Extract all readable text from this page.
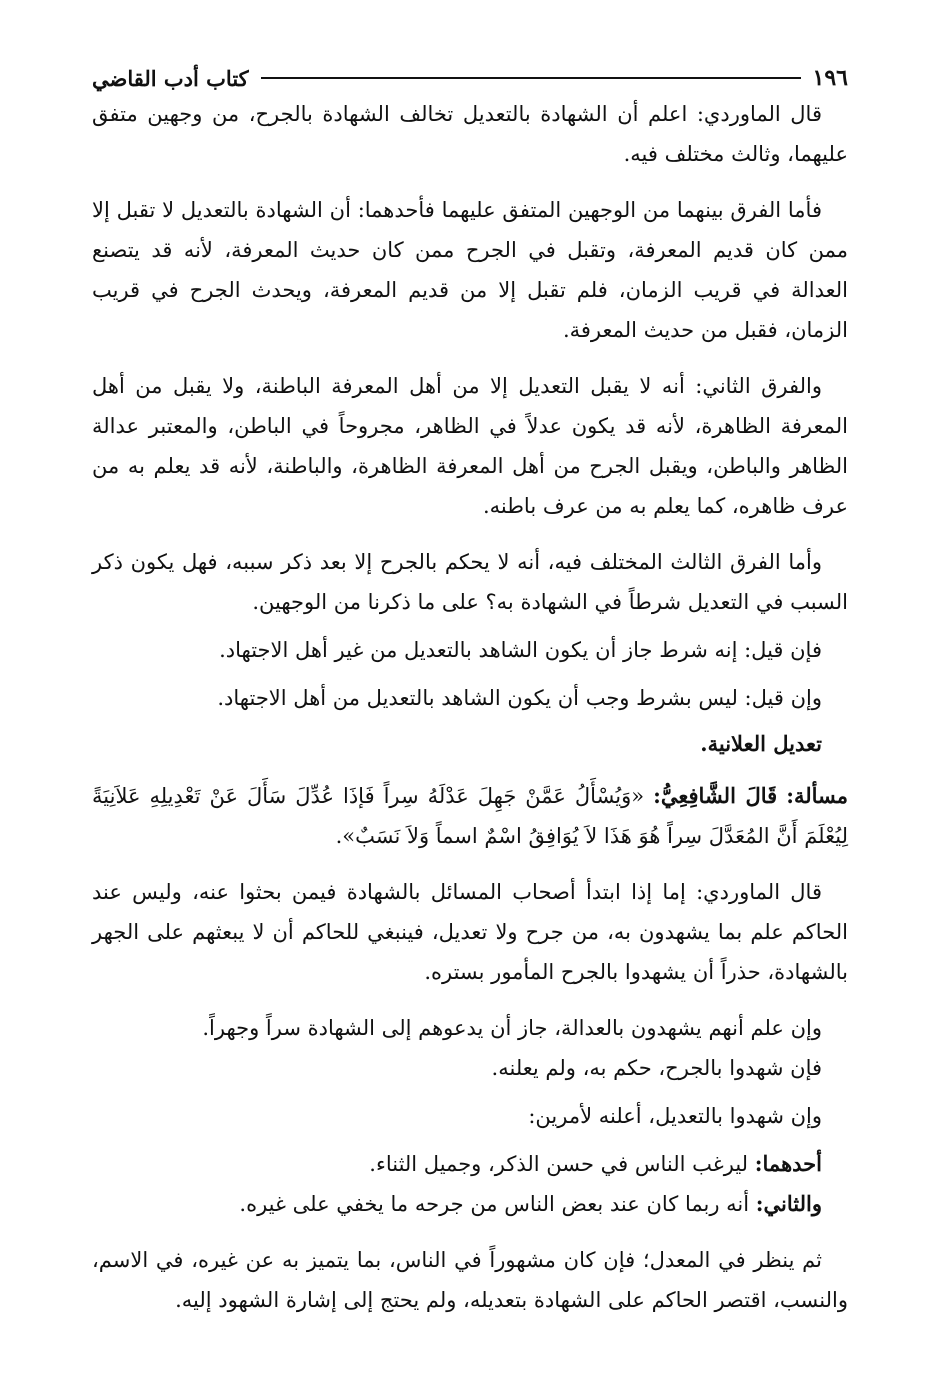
١٩٦
كتاب أدب القاضي

قال الماوردي: اعلم أن الشهادة بالتعديل تخالف الشهادة بالجرح، من وجهين متفق عليهما، وثالث مختلف فيه.

فأما الفرق بينهما من الوجهين المتفق عليهما فأحدهما: أن الشهادة بالتعديل لا تقبل إلا ممن كان قديم المعرفة، وتقبل في الجرح ممن كان حديث المعرفة، لأنه قد يتصنع العدالة في قريب الزمان، فلم تقبل إلا من قديم المعرفة، ويحدث الجرح في قريب الزمان، فقبل من حديث المعرفة.

والفرق الثاني: أنه لا يقبل التعديل إلا من أهل المعرفة الباطنة، ولا يقبل من أهل المعرفة الظاهرة، لأنه قد يكون عدلاً في الظاهر، مجروحاً في الباطن، والمعتبر عدالة الظاهر والباطن، ويقبل الجرح من أهل المعرفة الظاهرة، والباطنة، لأنه قد يعلم به من عرف ظاهره، كما يعلم به من عرف باطنه.

وأما الفرق الثالث المختلف فيه، أنه لا يحكم بالجرح إلا بعد ذكر سببه، فهل يكون ذكر السبب في التعديل شرطاً في الشهادة به؟ على ما ذكرنا من الوجهين.

فإن قيل: إنه شرط جاز أن يكون الشاهد بالتعديل من غير أهل الاجتهاد.

وإن قيل: ليس بشرط وجب أن يكون الشاهد بالتعديل من أهل الاجتهاد.

تعديل العلانية.

مسألة: قَالَ الشَّافِعِيُّ: «وَيُسْأَلُ عَمَّنْ جَهِلَ عَدْلَهُ سِراً فَإذَا عُدِّلَ سَأَلَ عَنْ تَعْدِيلِهِ عَلاَنِيَةً لِيُعْلَمَ أَنَّ المُعَدَّلَ سِراً هُوَ هَذَا لاَ يُوَافِقُ اسْمٌ اسماً وَلاَ نَسَبٌ».

قال الماوردي: إما إذا ابتدأ أصحاب المسائل بالشهادة فيمن بحثوا عنه، وليس عند الحاكم علم بما يشهدون به، من جرح ولا تعديل، فينبغي للحاكم أن لا يبعثهم على الجهر بالشهادة، حذراً أن يشهدوا بالجرح المأمور بستره.

وإن علم أنهم يشهدون بالعدالة، جاز أن يدعوهم إلى الشهادة سراً وجهراً.

فإن شهدوا بالجرح، حكم به، ولم يعلنه.

وإن شهدوا بالتعديل، أعلنه لأمرين:

أحدهما: ليرغب الناس في حسن الذكر، وجميل الثناء.

والثاني: أنه ربما كان عند بعض الناس من جرحه ما يخفي على غيره.

ثم ينظر في المعدل؛ فإن كان مشهوراً في الناس، بما يتميز به عن غيره، في الاسم، والنسب، اقتصر الحاكم على الشهادة بتعديله، ولم يحتج إلى إشارة الشهود إليه.
